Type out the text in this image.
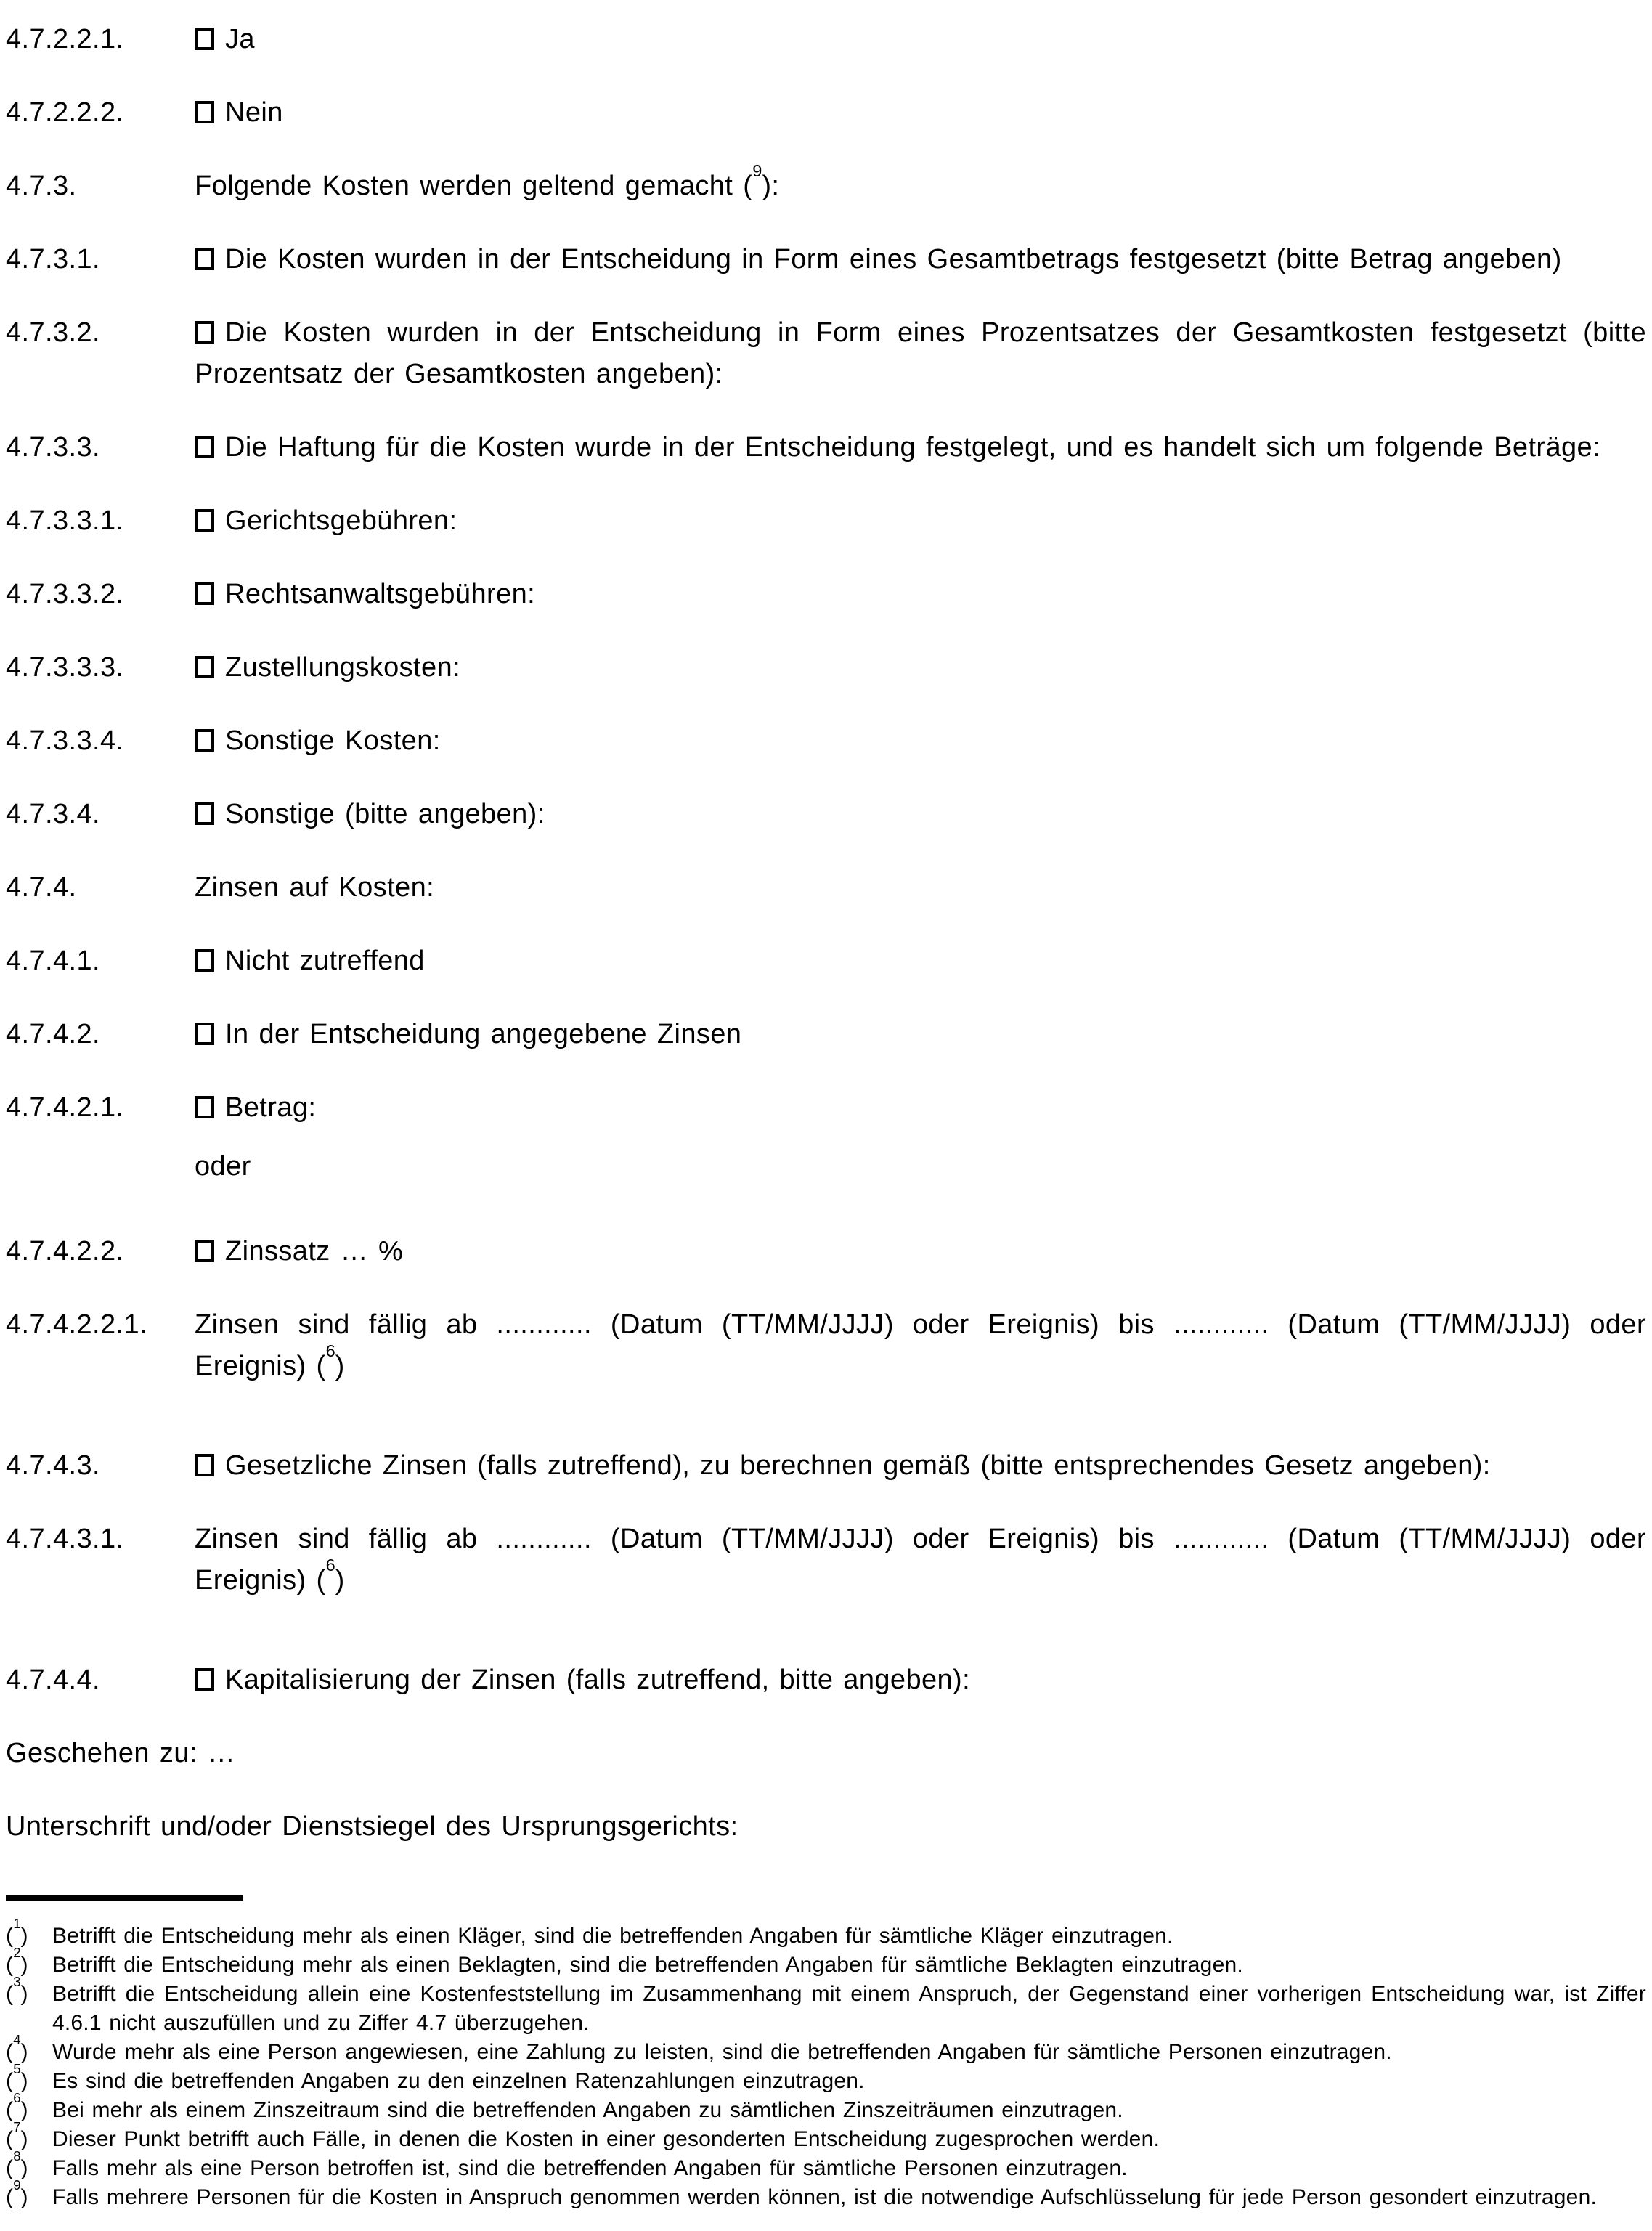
4.7.2.2.1.	Ja
4.7.2.2.2.	Nein
4.7.3.	Folgende Kosten werden geltend gemacht ($^9$):
4.7.3.1.	Die Kosten wurden in der Entscheidung in Form eines Gesamtbetrags festgesetzt (bitte Betrag angeben)
4.7.3.2.	Die Kosten wurden in der Entscheidung in Form eines Prozentsatzes der Gesamtkosten festgesetzt (bitte Prozentsatz der Gesamtkosten angeben):
4.7.3.3.	Die Haftung für die Kosten wurde in der Entscheidung festgelegt, und es handelt sich um folgende Beträge:
4.7.3.3.1.	Gerichtsgebühren:
4.7.3.3.2.	Rechtsanwaltsgebühren:
4.7.3.3.3.	Zustellungskosten:
4.7.3.3.4.	Sonstige Kosten:
4.7.3.4.	Sonstige (bitte angeben):
4.7.4.	Zinsen auf Kosten:
4.7.4.1.	Nicht zutreffend
4.7.4.2.	In der Entscheidung angegebene Zinsen
4.7.4.2.1.	Betrag:
oder
4.7.4.2.2.	Zinssatz … %
4.7.4.2.2.1.	Zinsen sind fällig ab ............ (Datum (TT/MM/JJJJ) oder Ereignis) bis ............ (Datum (TT/MM/JJJJ) oder Ereignis) ($^6$)
4.7.4.3.	Gesetzliche Zinsen (falls zutreffend), zu berechnen gemäß (bitte entsprechendes Gesetz angeben):
4.7.4.3.1.	Zinsen sind fällig ab ............ (Datum (TT/MM/JJJJ) oder Ereignis) bis ............ (Datum (TT/MM/JJJJ) oder Ereignis) ($^6$)
4.7.4.4.	Kapitalisierung der Zinsen (falls zutreffend, bitte angeben):

Geschehen zu: …

Unterschrift und/oder Dienstsiegel des Ursprungsgerichts:

($^1$) Betrifft die Entscheidung mehr als einen Kläger, sind die betreffenden Angaben für sämtliche Kläger einzutragen.
($^2$) Betrifft die Entscheidung mehr als einen Beklagten, sind die betreffenden Angaben für sämtliche Beklagten einzutragen.
($^3$) Betrifft die Entscheidung allein eine Kostenfeststellung im Zusammenhang mit einem Anspruch, der Gegenstand einer vorherigen Entscheidung war, ist Ziffer 4.6.1 nicht auszufüllen und zu Ziffer 4.7 überzugehen.
($^4$) Wurde mehr als eine Person angewiesen, eine Zahlung zu leisten, sind die betreffenden Angaben für sämtliche Personen einzutragen.
($^5$) Es sind die betreffenden Angaben zu den einzelnen Ratenzahlungen einzutragen.
($^6$) Bei mehr als einem Zinszeitraum sind die betreffenden Angaben zu sämtlichen Zinszeiträumen einzutragen.
($^7$) Dieser Punkt betrifft auch Fälle, in denen die Kosten in einer gesonderten Entscheidung zugesprochen werden.
($^8$) Falls mehr als eine Person betroffen ist, sind die betreffenden Angaben für sämtliche Personen einzutragen.
($^9$) Falls mehrere Personen für die Kosten in Anspruch genommen werden können, ist die notwendige Aufschlüsselung für jede Person gesondert einzutragen.
